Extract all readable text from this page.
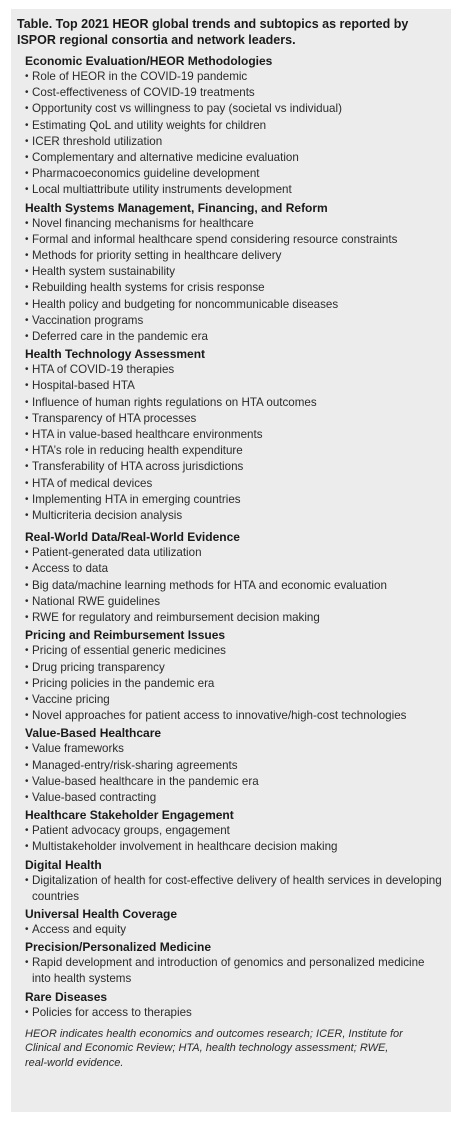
Table. Top 2021 HEOR global trends and subtopics as reported by ISPOR regional consortia and network leaders.
Economic Evaluation/HEOR Methodologies
• Role of HEOR in the COVID-19 pandemic
• Cost-effectiveness of COVID-19 treatments
• Opportunity cost vs willingness to pay (societal vs individual)
• Estimating QoL and utility weights for children
• ICER threshold utilization
• Complementary and alternative medicine evaluation
• Pharmacoeconomics guideline development
• Local multiattribute utility instruments development
Health Systems Management, Financing, and Reform
• Novel financing mechanisms for healthcare
• Formal and informal healthcare spend considering resource constraints
• Methods for priority setting in healthcare delivery
• Health system sustainability
• Rebuilding health systems for crisis response
• Health policy and budgeting for noncommunicable diseases
• Vaccination programs
• Deferred care in the pandemic era
Health Technology Assessment
• HTA of COVID-19 therapies
• Hospital-based HTA
• Influence of human rights regulations on HTA outcomes
• Transparency of HTA processes
• HTA in value-based healthcare environments
• HTA’s role in reducing health expenditure
• Transferability of HTA across jurisdictions
• HTA of medical devices
• Implementing HTA in emerging countries
• Multicriteria decision analysis
Real-World Data/Real-World Evidence
• Patient-generated data utilization
• Access to data
• Big data/machine learning methods for HTA and economic evaluation
• National RWE guidelines
• RWE for regulatory and reimbursement decision making
Pricing and Reimbursement Issues
• Pricing of essential generic medicines
• Drug pricing transparency
• Pricing policies in the pandemic era
• Vaccine pricing
• Novel approaches for patient access to innovative/high-cost technologies
Value-Based Healthcare
• Value frameworks
• Managed-entry/risk-sharing agreements
• Value-based healthcare in the pandemic era
• Value-based contracting
Healthcare Stakeholder Engagement
• Patient advocacy groups, engagement
• Multistakeholder involvement in healthcare decision making
Digital Health
• Digitalization of health for cost-effective delivery of health services in developing countries
Universal Health Coverage
• Access and equity
Precision/Personalized Medicine
• Rapid development and introduction of genomics and personalized medicine into health systems
Rare Diseases
• Policies for access to therapies
HEOR indicates health economics and outcomes research; ICER, Institute for Clinical and Economic Review; HTA, health technology assessment; RWE, real-world evidence.
